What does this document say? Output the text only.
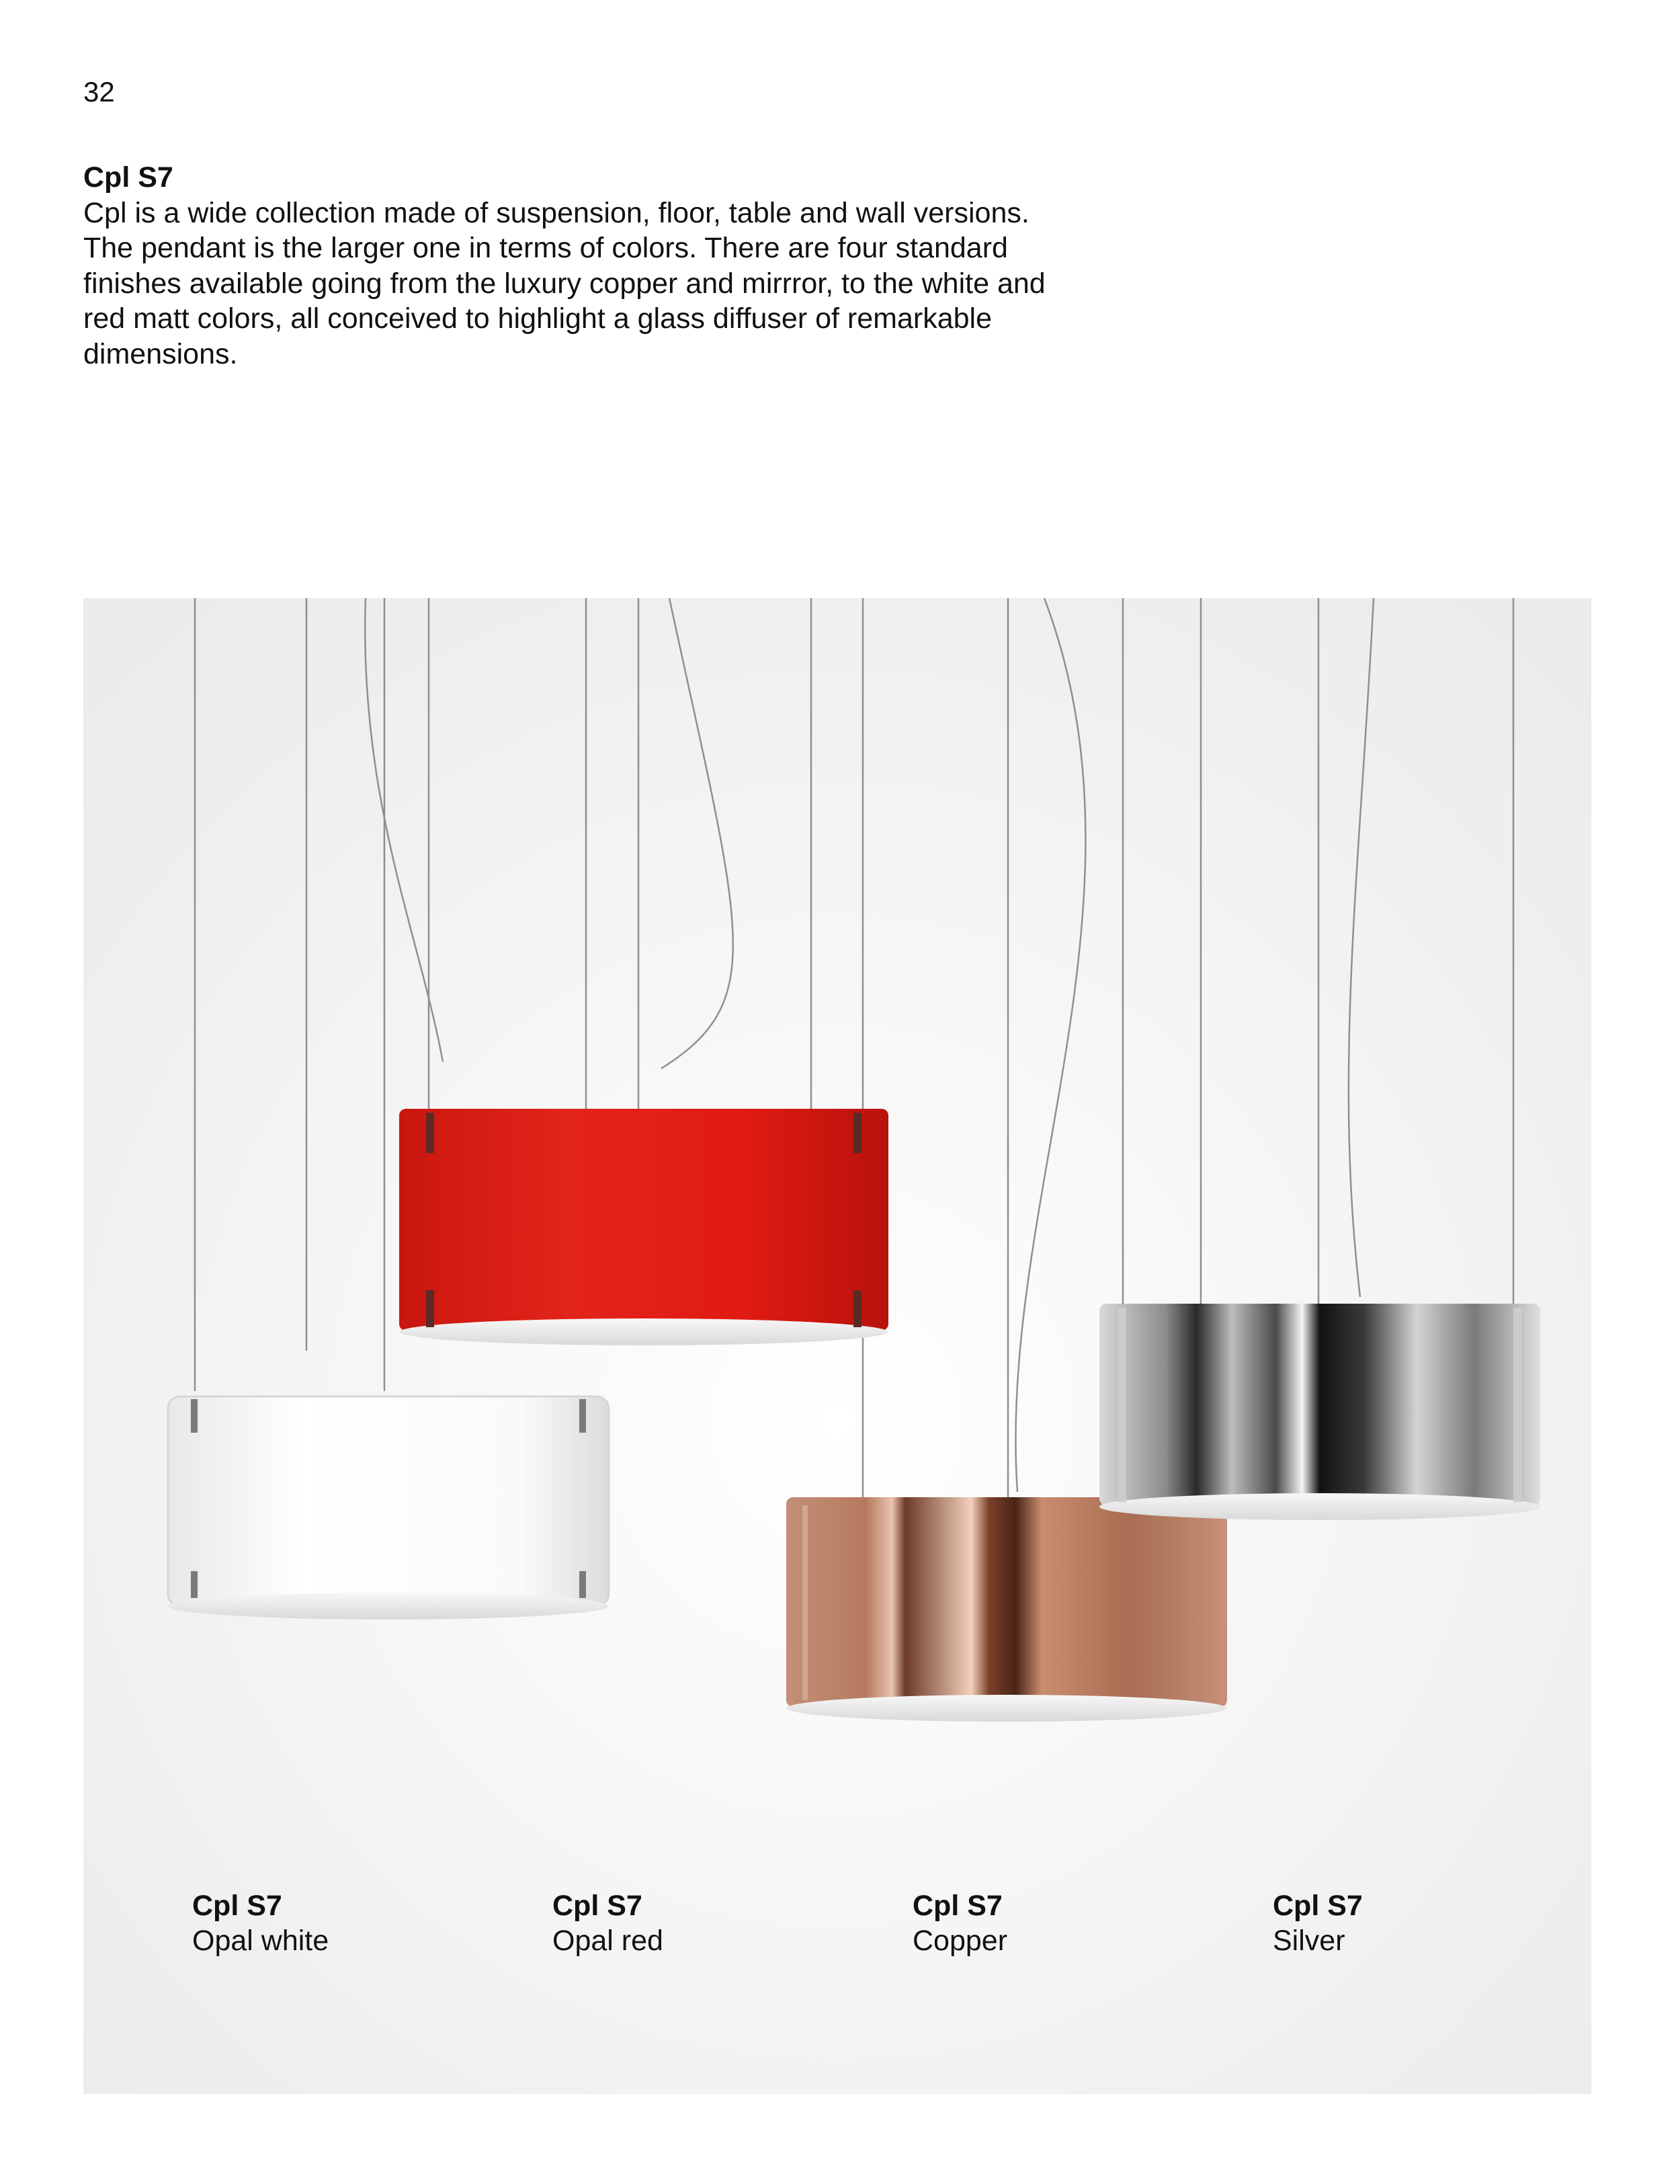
32
Cpl S7
Cpl is a wide collection made of suspension, floor, table and wall versions.
The pendant is the larger one in terms of colors. There are four standard
finishes available going from the luxury copper and mirrror, to the white and
red matt colors, all conceived to highlight a glass diffuser of remarkable
dimensions.
Cpl S7
Opal white
Cpl S7
Opal red
Cpl S7
Copper
Cpl S7
Silver
